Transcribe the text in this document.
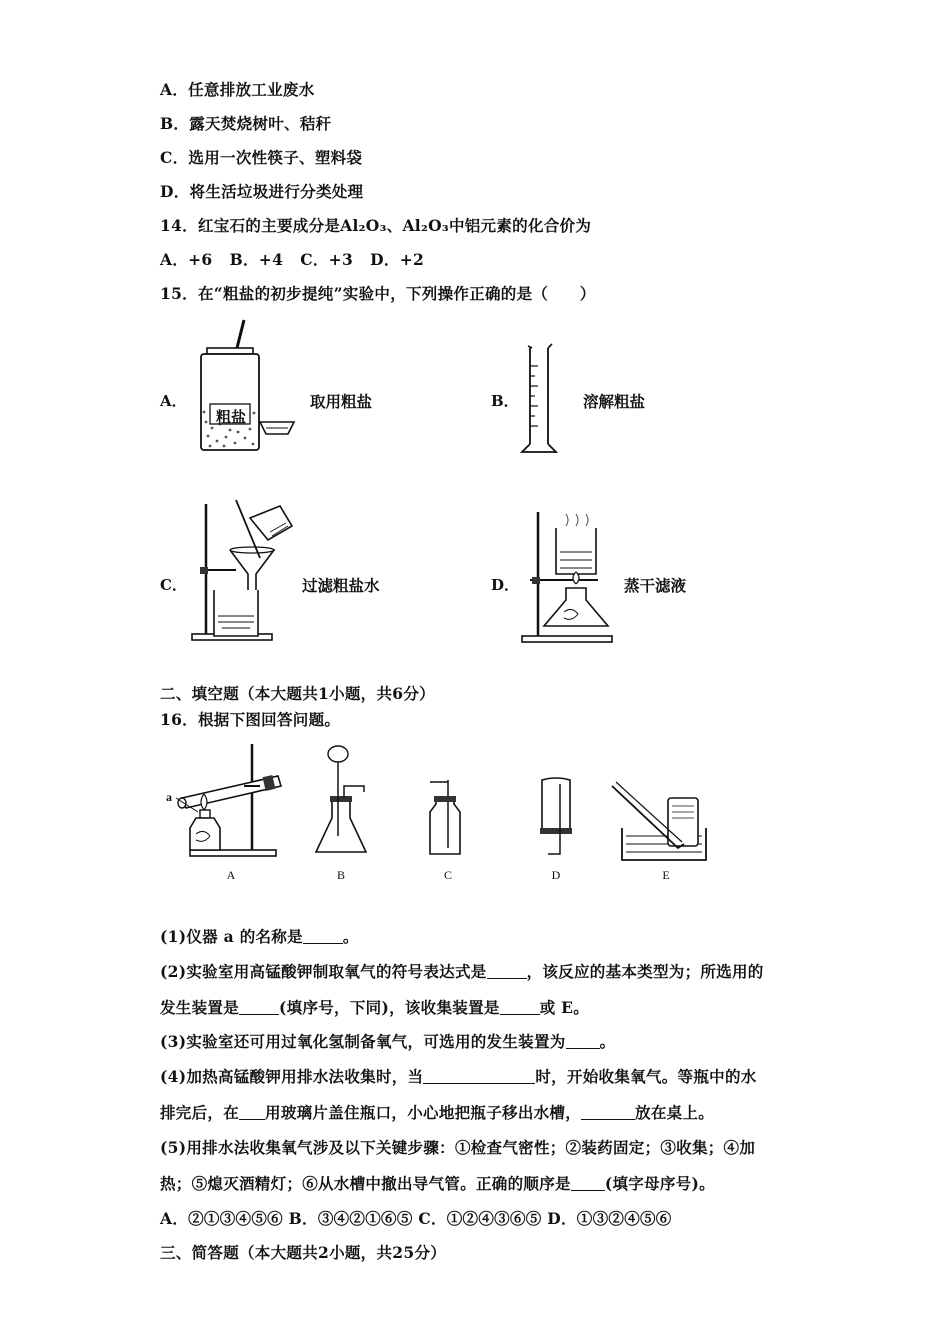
A．任意排放工业废水
B．露天焚烧树叶、秸秆
C．选用一次性筷子、塑料袋
D．将生活垃圾进行分类处理
14．红宝石的主要成分是Al₂O₃、Al₂O₃中铝元素的化合价为
A．+6   B．+4   C．+3   D．+2
15．在“粗盐的初步提纯”实验中，下列操作正确的是（　　）
A．
粗盐
取用粗盐	B．	溶解粗盐
C．	过滤粗盐水	D．	蒸干滤液
二、填空题（本大题共1小题，共6分）
16．根据下图回答问题。
a
A	B	C	D	E
(1)仪器 a 的名称是	。
(2)实验室用高锰酸钾制取氧气的符号表达式是	，该反应的基本类型为；所选用的
发生装置是	(填序号，下同)，该收集装置是	或 E。
(3)实验室还可用过氧化氢制备氧气，可选用的发生装置为 。
(4)加热高锰酸钾用排水法收集时，当	时，开始收集氧气。等瓶中的水
排完后，在 用玻璃片盖住瓶口，小心地把瓶子移出水槽，	放在桌上。
(5)用排水法收集氧气涉及以下关键步骤：①检查气密性；②装药固定；③收集；④加
热；⑤熄灭酒精灯；⑥从水槽中撤出导气管。正确的顺序是 (填字母序号)。
A．②①③④⑤⑥ B．③④②①⑥⑤ C．①②④③⑥⑤ D．①③②④⑤⑥
三、简答题（本大题共2小题，共25分）
